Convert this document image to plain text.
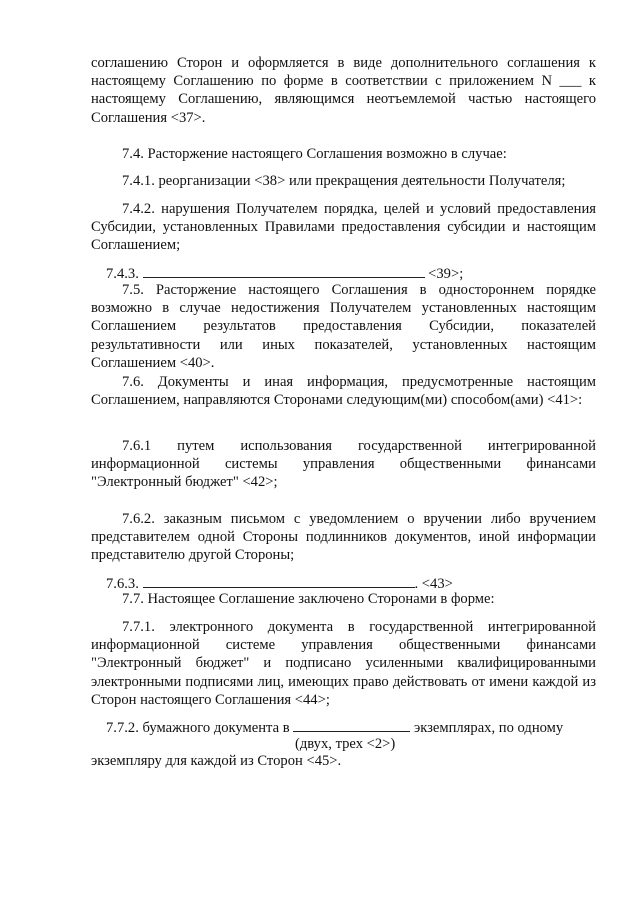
соглашению Сторон и оформляется в виде дополнительного соглашения к настоящему Соглашению по форме в соответствии с приложением N ___ к настоящему Соглашению, являющимся неотъемлемой частью настоящего Соглашения <37>.

7.4. Расторжение настоящего Соглашения возможно в случае:

7.4.1. реорганизации <38> или прекращения деятельности Получателя;

7.4.2. нарушения Получателем порядка, целей и условий предоставления Субсидии, установленных Правилами предоставления субсидии и настоящим Соглашением;

7.4.3.	<39>;

7.5. Расторжение настоящего Соглашения в одностороннем порядке возможно в случае недостижения Получателем установленных настоящим Соглашением результатов предоставления Субсидии, показателей результативности или иных показателей, установленных настоящим Соглашением <40>.

7.6. Документы и иная информация, предусмотренные настоящим Соглашением, направляются Сторонами следующим(ми) способом(ами) <41>:

7.6.1 путем использования государственной интегрированной информационной системы управления общественными финансами "Электронный бюджет" <42>;

7.6.2. заказным письмом с уведомлением о вручении либо вручением представителем одной Стороны подлинников документов, иной информации представителю другой Стороны;

7.6.3.	. <43>

7.7. Настоящее Соглашение заключено Сторонами в форме:

7.7.1. электронного документа в государственной интегрированной информационной системе управления общественными финансами "Электронный бюджет" и подписано усиленными квалифицированными электронными подписями лиц, имеющих право действовать от имени каждой из Сторон настоящего Соглашения <44>;

7.7.2. бумажного документа в	экземплярах, по одному
(двух, трех <2>)
экземпляру для каждой из Сторон <45>.
